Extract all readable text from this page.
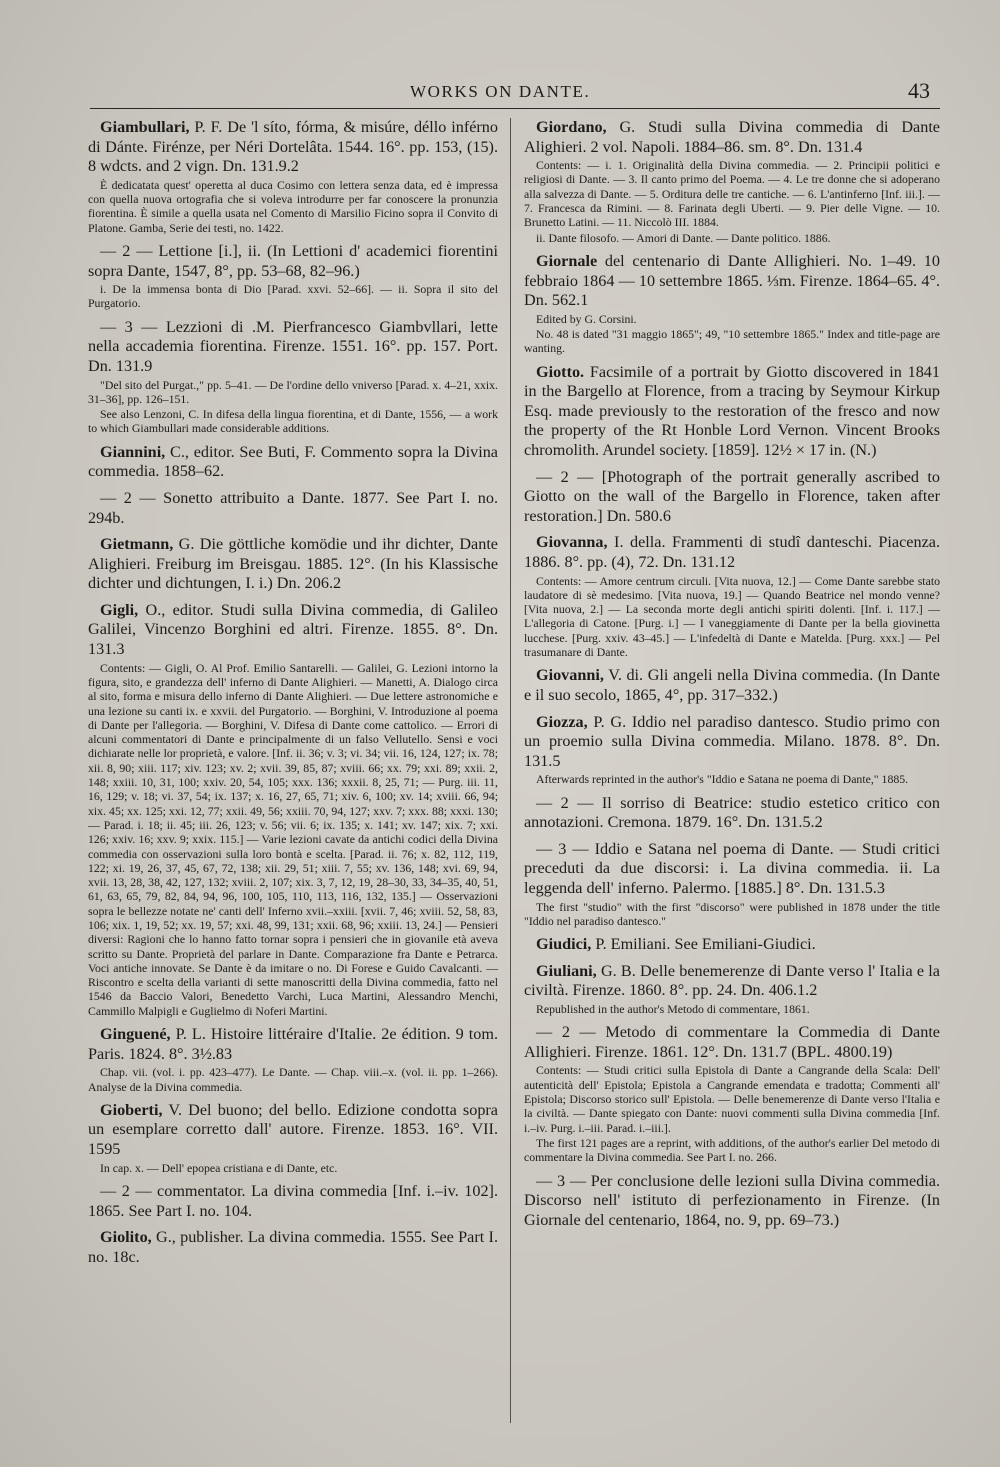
WORKS ON DANTE.	43

Giambullari, P. F. De 'l síto, fórma, & misúre, déllo inférno di Dánte. Firénze, per Néri Dortelâta. 1544. 16°. pp. 153, (15). 8 wdcts. and 2 vign. Dn. 131.9.2

È dedicatata quest' operetta al duca Cosimo con lettera senza data, ed è impressa con quella nuova ortografia che si voleva introdurre per far conoscere la pronunzia fiorentina. È simile a quella usata nel Comento di Marsilio Ficino sopra il Convito di Platone. Gamba, Serie dei testi, no. 1422.

— 2 — Lettione [i.], ii. (In Lettioni d' academici fiorentini sopra Dante, 1547, 8°, pp. 53–68, 82–96.)

i. De la immensa bonta di Dio [Parad. xxvi. 52–66]. — ii. Sopra il sito del Purgatorio.

— 3 — Lezzioni di .M. Pierfrancesco Giambvllari, lette nella accademia fiorentina. Firenze. 1551. 16°. pp. 157. Port. Dn. 131.9

"Del sito del Purgat.," pp. 5–41. — De l'ordine dello vniverso [Parad. x. 4–21, xxix. 31–36], pp. 126–151.

See also Lenzoni, C. In difesa della lingua fiorentina, et di Dante, 1556, — a work to which Giambullari made considerable additions.

Giannini, C., editor. See Buti, F. Commento sopra la Divina commedia. 1858–62.

— 2 — Sonetto attribuito a Dante. 1877. See Part I. no. 294b.

Gietmann, G. Die göttliche komödie und ihr dichter, Dante Alighieri. Freiburg im Breisgau. 1885. 12°. (In his Klassische dichter und dichtungen, I. i.) Dn. 206.2

Gigli, O., editor. Studi sulla Divina commedia, di Galileo Galilei, Vincenzo Borghini ed altri. Firenze. 1855. 8°. Dn. 131.3

Contents: — Gigli, O. Al Prof. Emilio Santarelli. — Galilei, G. Lezioni intorno la figura, sito, e grandezza dell' inferno di Dante Alighieri. — Manetti, A. Dialogo circa al sito, forma e misura dello inferno di Dante Alighieri. — Due lettere astronomiche e una lezione su canti ix. e xxvii. del Purgatorio. — Borghini, V. Introduzione al poema di Dante per l'allegoria. — Borghini, V. Difesa di Dante come cattolico. — Errori di alcuni commentatori di Dante e principalmente di un falso Vellutello. Sensi e voci dichiarate nelle lor proprietà, e valore. [Inf. ii. 36; v. 3; vi. 34; vii. 16, 124, 127; ix. 78; xii. 8, 90; xiii. 117; xiv. 123; xv. 2; xvii. 39, 85, 87; xviii. 66; xx. 79; xxi. 89; xxii. 2, 148; xxiii. 10, 31, 100; xxiv. 20, 54, 105; xxx. 136; xxxii. 8, 25, 71; — Purg. iii. 11, 16, 129; v. 18; vi. 37, 54; ix. 137; x. 16, 27, 65, 71; xiv. 6, 100; xv. 14; xviii. 66, 94; xix. 45; xx. 125; xxi. 12, 77; xxii. 49, 56; xxiii. 70, 94, 127; xxv. 7; xxx. 88; xxxi. 130; — Parad. i. 18; ii. 45; iii. 26, 123; v. 56; vii. 6; ix. 135; x. 141; xv. 147; xix. 7; xxi. 126; xxiv. 16; xxv. 9; xxix. 115.] — Varie lezioni cavate da antichi codici della Divina commedia con osservazioni sulla loro bontà e scelta. [Parad. ii. 76; x. 82, 112, 119, 122; xi. 19, 26, 37, 45, 67, 72, 138; xii. 29, 51; xiii. 7, 55; xv. 136, 148; xvi. 69, 94, xvii. 13, 28, 38, 42, 127, 132; xviii. 2, 107; xix. 3, 7, 12, 19, 28–30, 33, 34–35, 40, 51, 61, 63, 65, 79, 82, 84, 94, 96, 100, 105, 110, 113, 116, 132, 135.] — Osservazioni sopra le bellezze notate ne' canti dell' Inferno xvii.–xxiii. [xvii. 7, 46; xviii. 52, 58, 83, 106; xix. 1, 19, 52; xx. 19, 57; xxi. 48, 99, 131; xxii. 68, 96; xxiii. 13, 24.] — Pensieri diversi: Ragioni che lo hanno fatto tornar sopra i pensieri che in giovanile età aveva scritto su Dante. Proprietà del parlare in Dante. Comparazione fra Dante e Petrarca. Voci antiche innovate. Se Dante è da imitare o no. Di Forese e Guido Cavalcanti. — Riscontro e scelta della varianti di sette manoscritti della Divina commedia, fatto nel 1546 da Baccio Valori, Benedetto Varchi, Luca Martini, Alessandro Menchi, Cammillo Malpigli e Guglielmo di Noferi Martini.

Ginguené, P. L. Histoire littéraire d'Italie. 2e édition. 9 tom. Paris. 1824. 8°. 3½.83

Chap. vii. (vol. i. pp. 423–477). Le Dante. — Chap. viii.–x. (vol. ii. pp. 1–266). Analyse de la Divina commedia.

Gioberti, V. Del buono; del bello. Edizione condotta sopra un esemplare corretto dall' autore. Firenze. 1853. 16°. VII. 1595

In cap. x. — Dell' epopea cristiana e di Dante, etc.

— 2 — commentator. La divina commedia [Inf. i.–iv. 102]. 1865. See Part I. no. 104.

Giolito, G., publisher. La divina commedia. 1555. See Part I. no. 18c.

Giordano, G. Studi sulla Divina commedia di Dante Alighieri. 2 vol. Napoli. 1884–86. sm. 8°. Dn. 131.4

Contents: — i. 1. Originalità della Divina commedia. — 2. Principii politici e religiosi di Dante. — 3. Il canto primo del Poema. — 4. Le tre donne che si adoperano alla salvezza di Dante. — 5. Orditura delle tre cantiche. — 6. L'antinferno [Inf. iii.]. — 7. Francesca da Rimini. — 8. Farinata degli Uberti. — 9. Pier delle Vigne. — 10. Brunetto Latini. — 11. Niccolò III. 1884.

ii. Dante filosofo. — Amori di Dante. — Dante politico. 1886.

Giornale del centenario di Dante Allighieri. No. 1–49. 10 febbraio 1864 — 10 settembre 1865. ⅓m. Firenze. 1864–65. 4°. Dn. 562.1

Edited by G. Corsini.

No. 48 is dated "31 maggio 1865"; 49, "10 settembre 1865." Index and title-page are wanting.

Giotto. Facsimile of a portrait by Giotto discovered in 1841 in the Bargello at Florence, from a tracing by Seymour Kirkup Esq. made previously to the restoration of the fresco and now the property of the Rt Honble Lord Vernon. Vincent Brooks chromolith. Arundel society. [1859]. 12½ × 17 in. (N.)

— 2 — [Photograph of the portrait generally ascribed to Giotto on the wall of the Bargello in Florence, taken after restoration.] Dn. 580.6

Giovanna, I. della. Frammenti di studî danteschi. Piacenza. 1886. 8°. pp. (4), 72. Dn. 131.12

Contents: — Amore centrum circuli. [Vita nuova, 12.] — Come Dante sarebbe stato laudatore di sè medesimo. [Vita nuova, 19.] — Quando Beatrice nel mondo venne? [Vita nuova, 2.] — La seconda morte degli antichi spiriti dolenti. [Inf. i. 117.] — L'allegoria di Catone. [Purg. i.] — I vaneggiamente di Dante per la bella giovinetta lucchese. [Purg. xxiv. 43–45.] — L'infedeltà di Dante e Matelda. [Purg. xxx.] — Pel trasumanare di Dante.

Giovanni, V. di. Gli angeli nella Divina commedia. (In Dante e il suo secolo, 1865, 4°, pp. 317–332.)

Giozza, P. G. Iddio nel paradiso dantesco. Studio primo con un proemio sulla Divina commedia. Milano. 1878. 8°. Dn. 131.5

Afterwards reprinted in the author's "Iddio e Satana ne poema di Dante," 1885.

— 2 — Il sorriso di Beatrice: studio estetico critico con annotazioni. Cremona. 1879. 16°. Dn. 131.5.2

— 3 — Iddio e Satana nel poema di Dante. — Studi critici preceduti da due discorsi: i. La divina commedia. ii. La leggenda dell' inferno. Palermo. [1885.] 8°. Dn. 131.5.3

The first "studio" with the first "discorso" were published in 1878 under the title "Iddio nel paradiso dantesco."

Giudici, P. Emiliani. See Emiliani-Giudici.

Giuliani, G. B. Delle benemerenze di Dante verso l' Italia e la civiltà. Firenze. 1860. 8°. pp. 24. Dn. 406.1.2

Republished in the author's Metodo di commentare, 1861.

— 2 — Metodo di commentare la Commedia di Dante Allighieri. Firenze. 1861. 12°. Dn. 131.7 (BPL. 4800.19)

Contents: — Studi critici sulla Epistola di Dante a Cangrande della Scala: Dell' autenticità dell' Epistola; Epistola a Cangrande emendata e tradotta; Commenti all' Epistola; Discorso storico sull' Epistola. — Delle benemerenze di Dante verso l'Italia e la civiltà. — Dante spiegato con Dante: nuovi commenti sulla Divina commedia [Inf. i.–iv. Purg. i.–iii. Parad. i.–iii.].

The first 121 pages are a reprint, with additions, of the author's earlier Del metodo di commentare la Divina commedia. See Part I. no. 266.

— 3 — Per conclusione delle lezioni sulla Divina commedia. Discorso nell' istituto di perfezionamento in Firenze. (In Giornale del centenario, 1864, no. 9, pp. 69–73.)
